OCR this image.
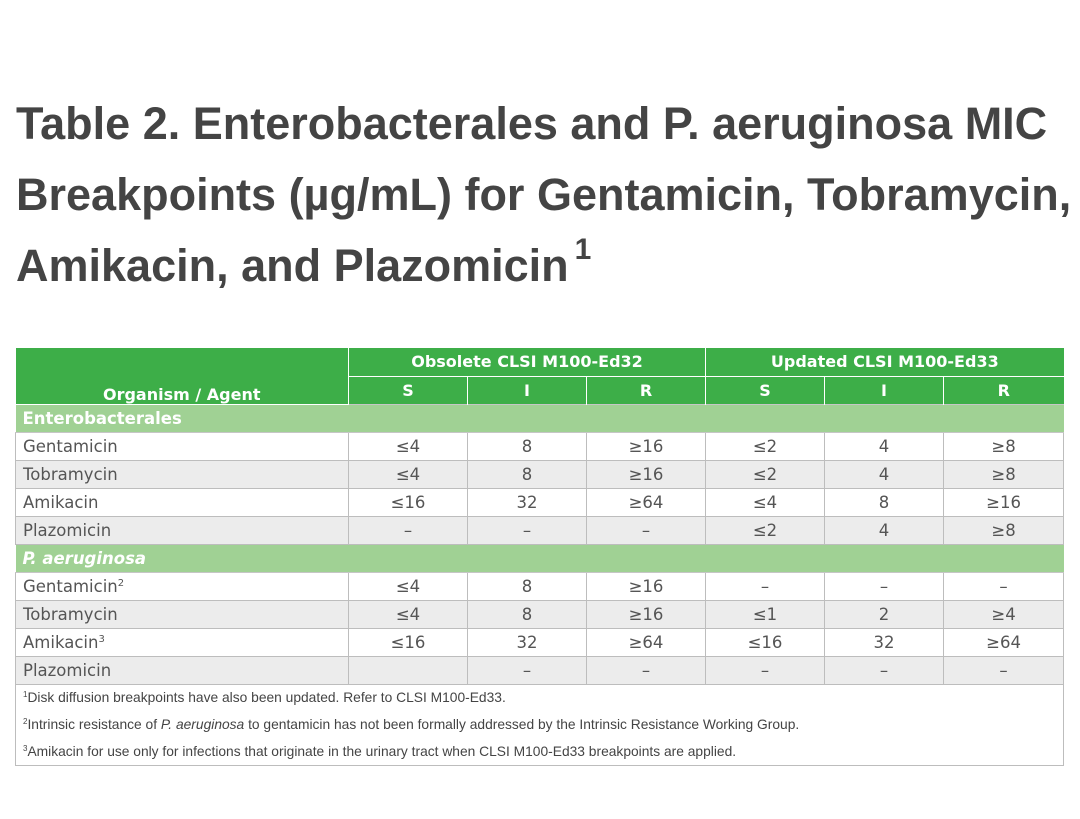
Table 2. Enterobacterales and P. aeruginosa MIC Breakpoints (µg/mL) for Gentamicin, Tobramycin, Amikacin, and Plazomicin $^1$
Organism / Agent	Obsolete CLSI M100-Ed32			Updated CLSI M100-Ed33		
	S	I	R	S	I	R
Enterobacterales						
Gentamicin	≤4	8	≥16	≤2	4	≥8
Tobramycin	≤4	8	≥16	≤2	4	≥8
Amikacin	≤16	32	≥64	≤4	8	≥16
Plazomicin	–	–	–	≤2	4	≥8
P. aeruginosa						
Gentamicin$^2$	≤4	8	≥16	–	–	–
Tobramycin	≤4	8	≥16	≤1	2	≥4
Amikacin$^3$	≤16	32	≥64	≤16	32	≥64
Plazomicin		–	–	–	–	–
$^1$Disk diffusion breakpoints have also been updated. Refer to CLSI M100-Ed33.						
$^2$Intrinsic resistance of P. aeruginosa to gentamicin has not been formally addressed by the Intrinsic Resistance Working Group.						
$^3$Amikacin for use only for infections that originate in the urinary tract when CLSI M100-Ed33 breakpoints are applied.						
